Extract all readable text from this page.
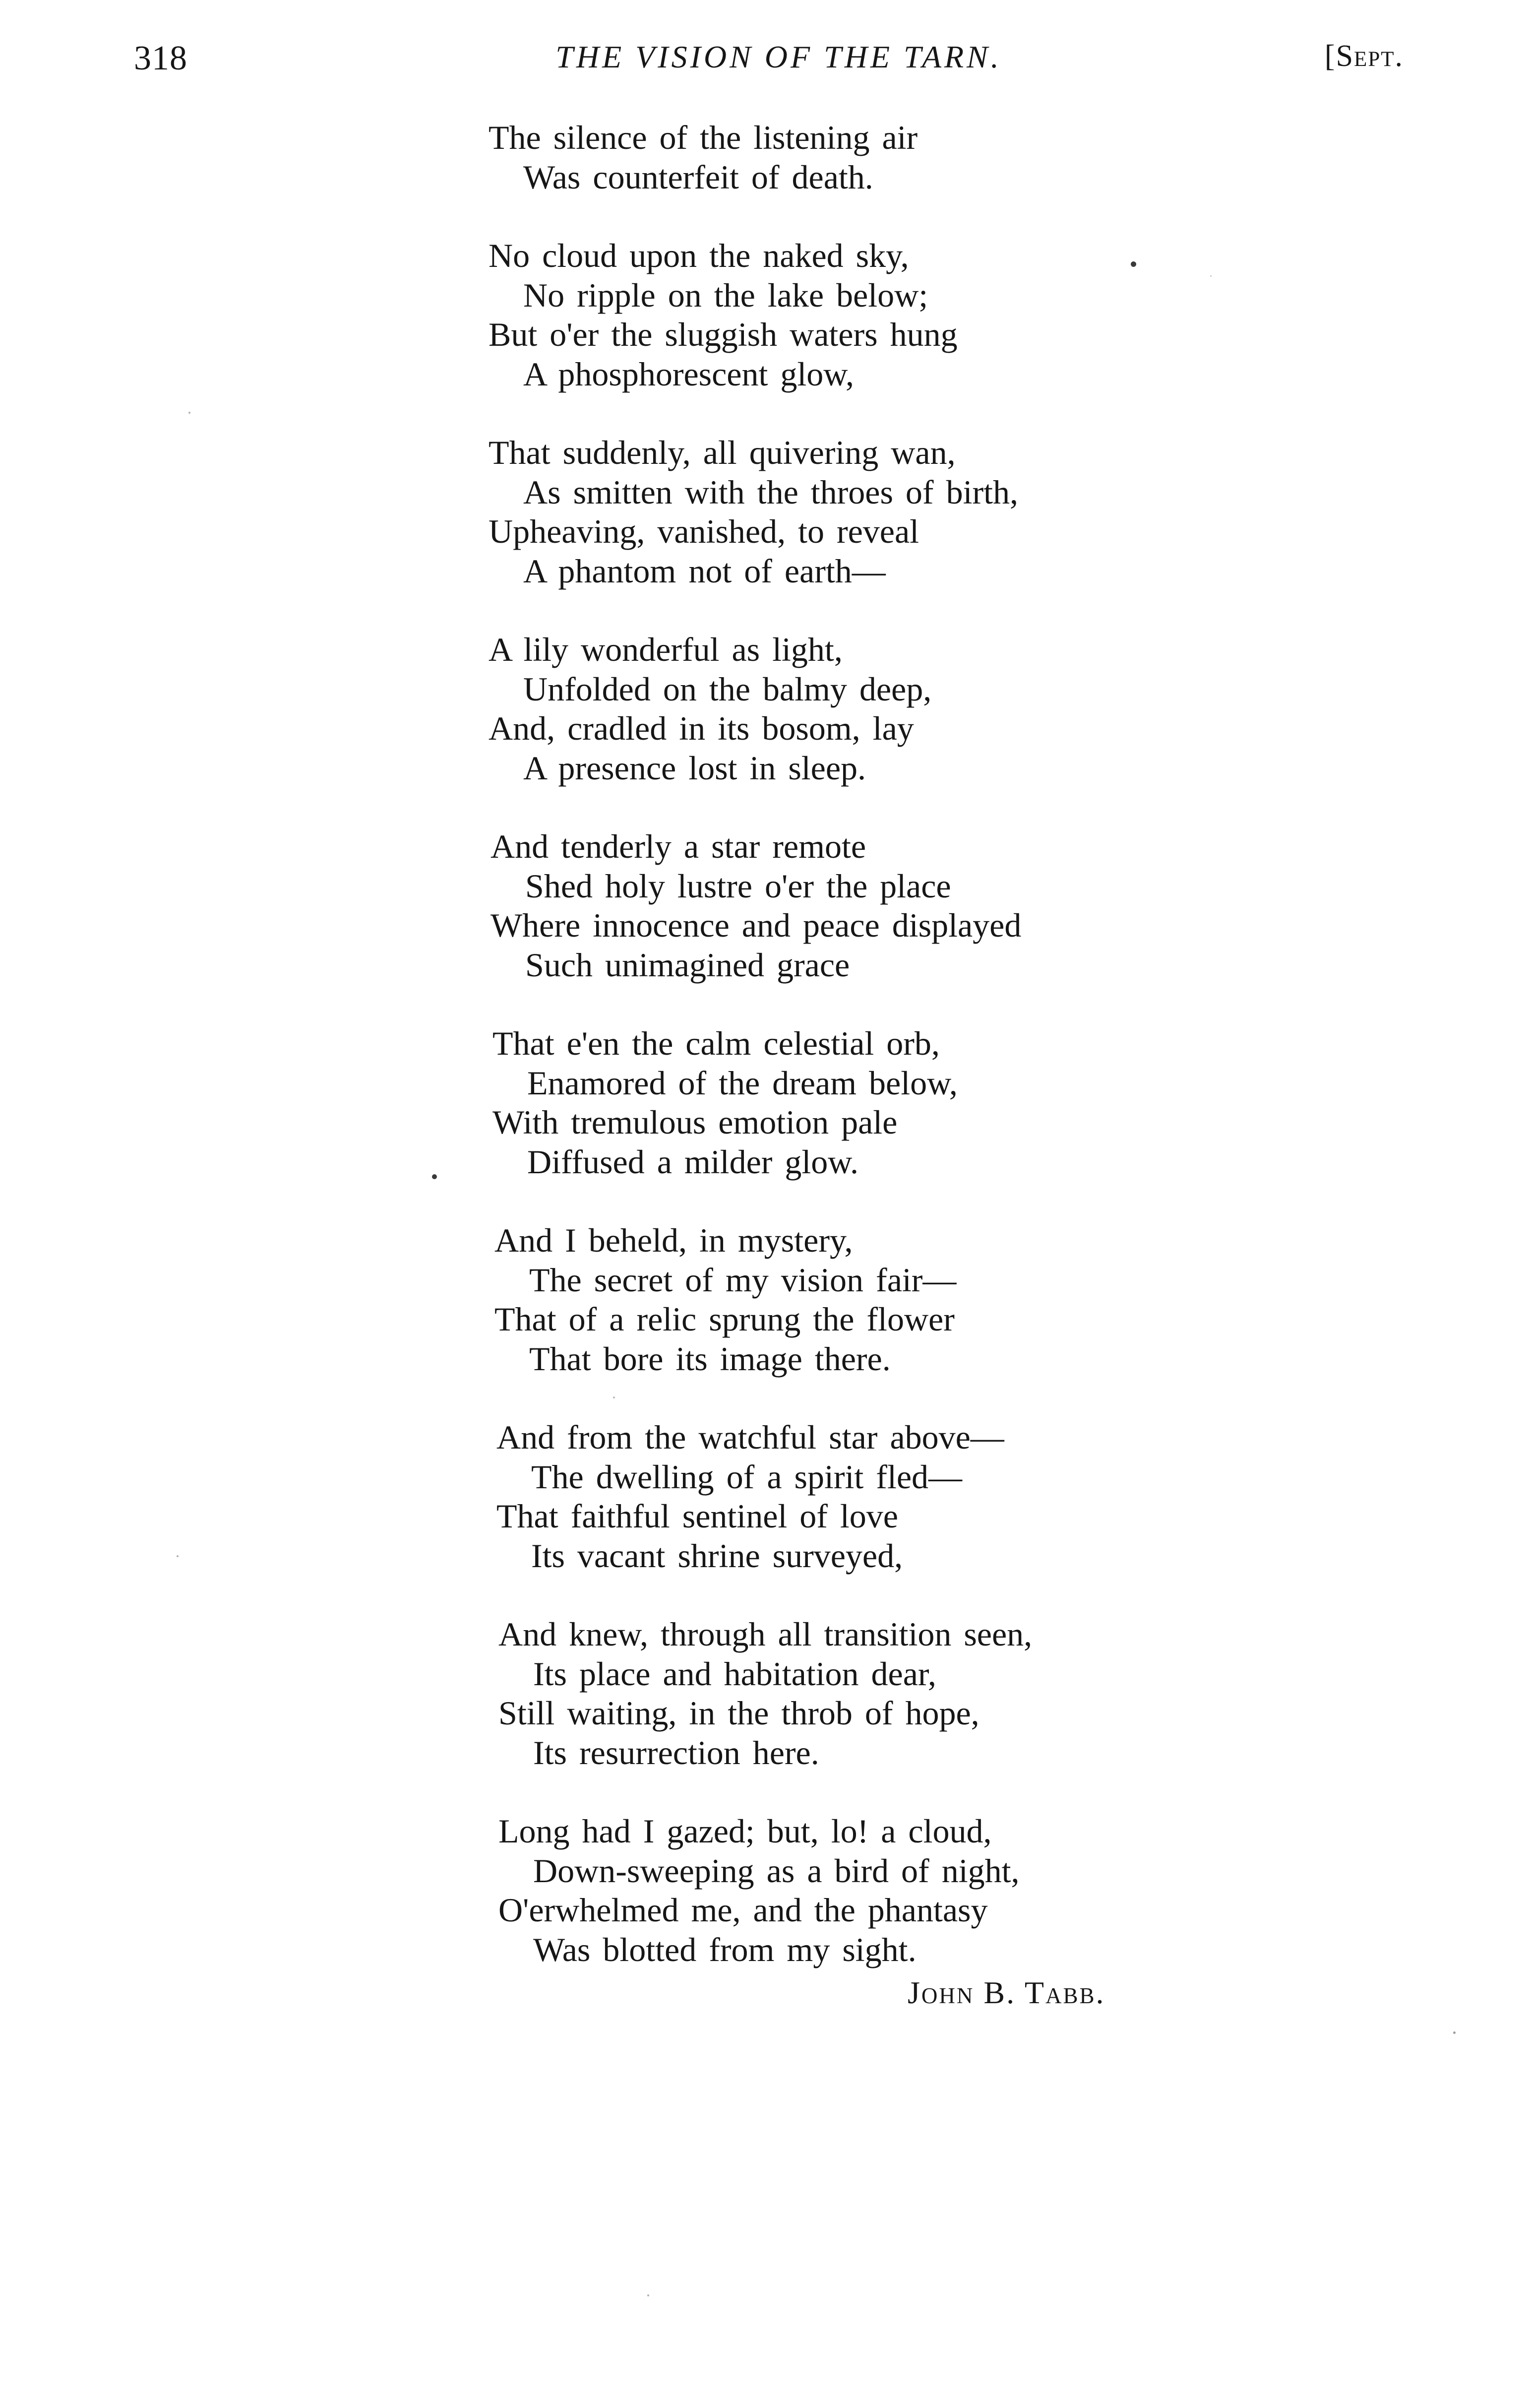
318	THE VISION OF THE TARN.	[Sept.
The silence of the listening air
Was counterfeit of death.
No cloud upon the naked sky,
No ripple on the lake below;
But o'er the sluggish waters hung
A phosphorescent glow,
That suddenly, all quivering wan,
As smitten with the throes of birth,
Upheaving, vanished, to reveal
A phantom not of earth—
A lily wonderful as light,
Unfolded on the balmy deep,
And, cradled in its bosom, lay
A presence lost in sleep.
And tenderly a star remote
Shed holy lustre o'er the place
Where innocence and peace displayed
Such unimagined grace
That e'en the calm celestial orb,
Enamored of the dream below,
With tremulous emotion pale
Diffused a milder glow.
And I beheld, in mystery,
The secret of my vision fair—
That of a relic sprung the flower
That bore its image there.
And from the watchful star above—
The dwelling of a spirit fled—
That faithful sentinel of love
Its vacant shrine surveyed,
And knew, through all transition seen,
Its place and habitation dear,
Still waiting, in the throb of hope,
Its resurrection here.
Long had I gazed; but, lo! a cloud,
Down-sweeping as a bird of night,
O'erwhelmed me, and the phantasy
Was blotted from my sight.
John B. Tabb.
